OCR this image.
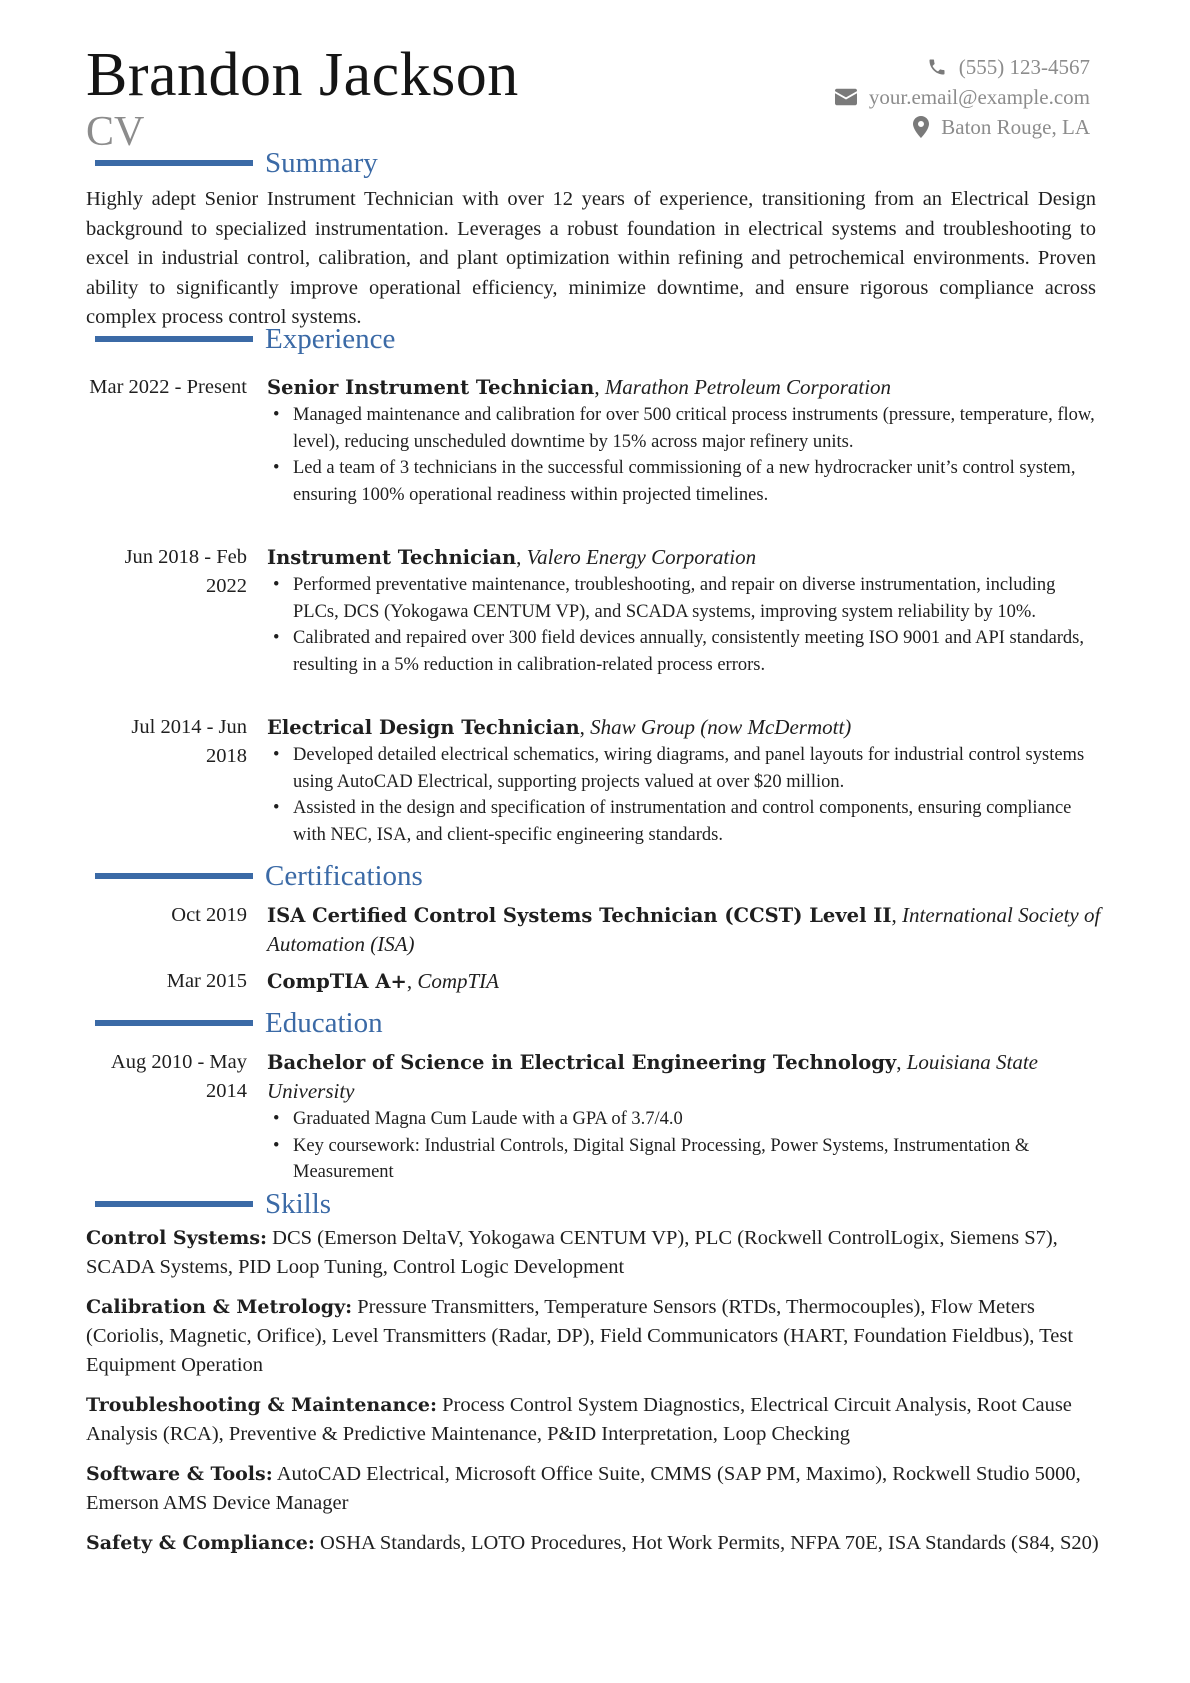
Brandon Jackson
CV
(555) 123-4567
your.email@example.com
Baton Rouge, LA
Summary

Highly adept Senior Instrument Technician with over 12 years of experience, transitioning from an Electrical Design background to specialized instrumentation. Leverages a robust foundation in electrical systems and troubleshooting to excel in industrial control, calibration, and plant optimization within refining and petrochemical environments. Proven ability to significantly improve operational efficiency, minimize downtime, and ensure rigorous compliance across complex process control systems.

Experience
Mar 2022 - Present Senior Instrument Technician, Marathon Petroleum Corporation
• Managed maintenance and calibration for over 500 critical process instruments (pressure, temperature, flow, level), reducing unscheduled downtime by 15% across major refinery units.
• Led a team of 3 technicians in the successful commissioning of a new hydrocracker unit’s control system, ensuring 100% operational readiness within projected timelines.
Jun 2018 - Feb 2022
Instrument Technician, Valero Energy Corporation
• Performed preventative maintenance, troubleshooting, and repair on diverse instrumentation, including PLCs, DCS (Yokogawa CENTUM VP), and SCADA systems, improving system reliability by 10%.
• Calibrated and repaired over 300 field devices annually, consistently meeting ISO 9001 and API standards, resulting in a 5% reduction in calibration-related process errors.
Jul 2014 - Jun 2018
Electrical Design Technician, Shaw Group (now McDermott)
• Developed detailed electrical schematics, wiring diagrams, and panel layouts for industrial control systems using AutoCAD Electrical, supporting projects valued at over $20 million.
• Assisted in the design and specification of instrumentation and control components, ensuring compliance with NEC, ISA, and client-specific engineering standards.
Certifications
Oct 2019 ISA Certified Control Systems Technician (CCST) Level II, International Society of Automation (ISA)
Mar 2015 CompTIA A+, CompTIA
Education
Aug 2010 - May 2014
Bachelor of Science in Electrical Engineering Technology, Louisiana State University
• Graduated Magna Cum Laude with a GPA of 3.7/4.0
• Key coursework: Industrial Controls, Digital Signal Processing, Power Systems, Instrumentation & Measurement
Skills

Control Systems: DCS (Emerson DeltaV, Yokogawa CENTUM VP), PLC (Rockwell ControlLogix, Siemens S7), SCADA Systems, PID Loop Tuning, Control Logic Development

Calibration & Metrology: Pressure Transmitters, Temperature Sensors (RTDs, Thermocouples), Flow Meters (Coriolis, Magnetic, Orifice), Level Transmitters (Radar, DP), Field Communicators (HART, Foundation Fieldbus), Test Equipment Operation

Troubleshooting & Maintenance: Process Control System Diagnostics, Electrical Circuit Analysis, Root Cause Analysis (RCA), Preventive & Predictive Maintenance, P&ID Interpretation, Loop Checking

Software & Tools: AutoCAD Electrical, Microsoft Office Suite, CMMS (SAP PM, Maximo), Rockwell Studio 5000, Emerson AMS Device Manager

Safety & Compliance: OSHA Standards, LOTO Procedures, Hot Work Permits, NFPA 70E, ISA Standards (S84, S20)
